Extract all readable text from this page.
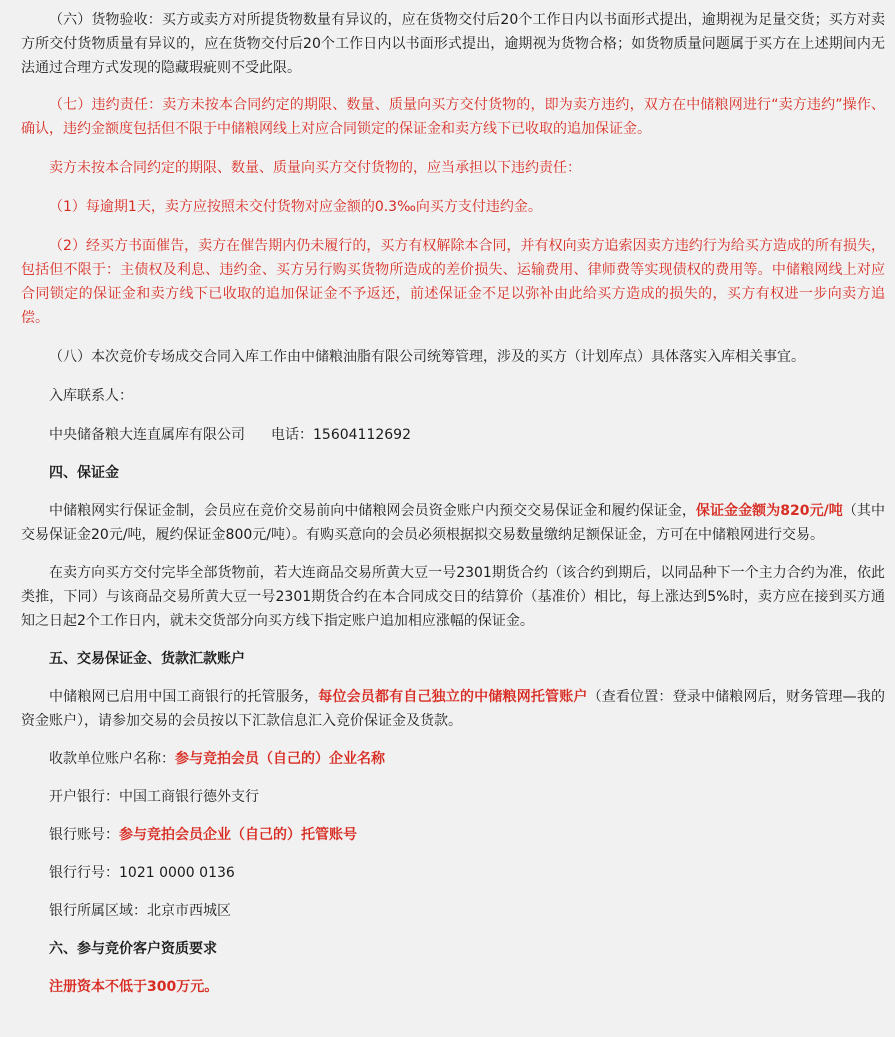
（六）货物验收：买方或卖方对所提货物数量有异议的，应在货物交付后20个工作日内以书面形式提出，逾期视为足量交货；买方对卖方所交付货物质量有异议的，应在货物交付后20个工作日内以书面形式提出，逾期视为货物合格；如货物质量问题属于买方在上述期间内无法通过合理方式发现的隐藏瑕疵则不受此限。

（七）违约责任：卖方未按本合同约定的期限、数量、质量向买方交付货物的，即为卖方违约，双方在中储粮网进行“卖方违约”操作、确认，违约金额度包括但不限于中储粮网线上对应合同锁定的保证金和卖方线下已收取的追加保证金。

卖方未按本合同约定的期限、数量、质量向买方交付货物的，应当承担以下违约责任：

（1）每逾期1天，卖方应按照未交付货物对应金额的0.3‰向买方支付违约金。

（2）经买方书面催告，卖方在催告期内仍未履行的，买方有权解除本合同，并有权向卖方追索因卖方违约行为给买方造成的所有损失，包括但不限于：主债权及利息、违约金、买方另行购买货物所造成的差价损失、运输费用、律师费等实现债权的费用等。中储粮网线上对应合同锁定的保证金和卖方线下已收取的追加保证金不予返还，前述保证金不足以弥补由此给买方造成的损失的，买方有权进一步向卖方追偿。

（八）本次竞价专场成交合同入库工作由中储粮油脂有限公司统筹管理，涉及的买方（计划库点）具体落实入库相关事宜。

入库联系人：

中央储备粮大连直属库有限公司 电话：15604112692

四、保证金

中储粮网实行保证金制，会员应在竞价交易前向中储粮网会员资金账户内预交交易保证金和履约保证金，保证金金额为820元/吨（其中交易保证金20元/吨，履约保证金800元/吨）。有购买意向的会员必须根据拟交易数量缴纳足额保证金，方可在中储粮网进行交易。

在卖方向买方交付完毕全部货物前，若大连商品交易所黄大豆一号2301期货合约（该合约到期后，以同品种下一个主力合约为准，依此类推，下同）与该商品交易所黄大豆一号2301期货合约在本合同成交日的结算价（基准价）相比，每上涨达到5%时，卖方应在接到买方通知之日起2个工作日内，就未交货部分向买方线下指定账户追加相应涨幅的保证金。

五、交易保证金、货款汇款账户

中储粮网已启用中国工商银行的托管服务，每位会员都有自己独立的中储粮网托管账户（查看位置：登录中储粮网后，财务管理—我的资金账户），请参加交易的会员按以下汇款信息汇入竞价保证金及货款。

收款单位账户名称：参与竞拍会员（自己的）企业名称

开户银行：中国工商银行德外支行

银行账号：参与竞拍会员企业（自己的）托管账号

银行行号：1021 0000 0136

银行所属区域：北京市西城区

六、参与竞价客户资质要求

注册资本不低于300万元。
